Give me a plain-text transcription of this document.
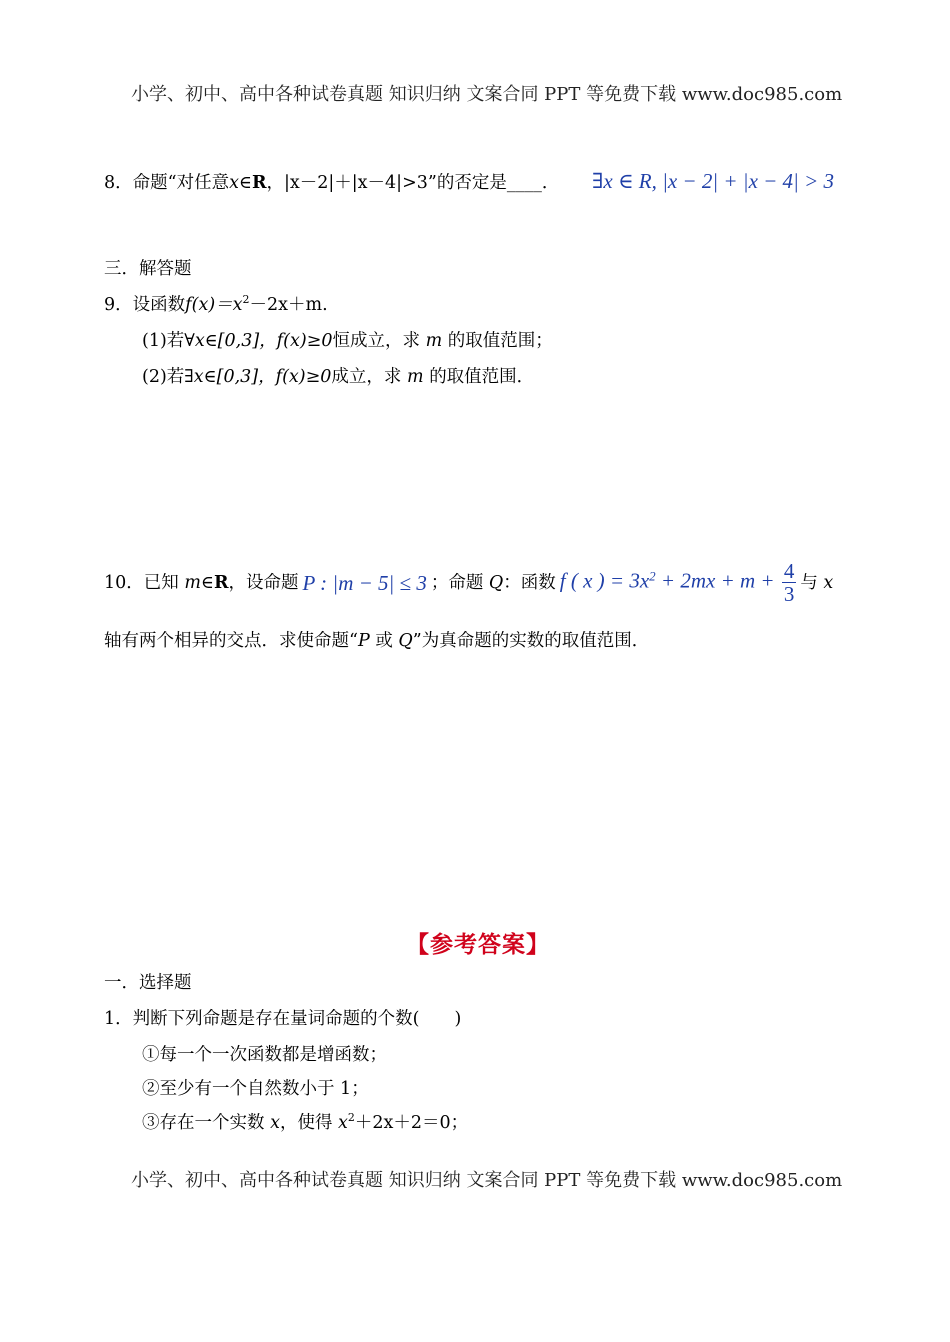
小学、初中、高中各种试卷真题 知识归纳 文案合同 PPT 等免费下载 www.doc985.com
8．命题“对任意x∈R，|x－2|＋|x－4|>3”的否定是____． ∃x ∈ R, |x − 2| + |x − 4| > 3
三．解答题
9．设函数$f(x)=x^2-2x+m$.
(1)若∀x∈[0,3]，f(x)≥0恒成立，求 m 的取值范围；
(2)若∃x∈[0,3]，f(x)≥0成立，求 m 的取值范围．
10． 已知
m ∈ R ，设命题 P : |m − 5| ≤ 3 ；命题
Q ：函数 f ( x ) = $3x^2 + 2mx + m + \frac{4}{3}$ 与
x
轴有两个相异的交点．求使命题“P 或 Q”为真命题的实数的取值范围．
【参考答案】
一．选择题
1．判断下列命题是存在量词命题的个数(　　)
①每一个一次函数都是增函数；
②至少有一个自然数小于 1；
③存在一个实数 x，使得 $x^2+2x+2=0$；
小学、初中、高中各种试卷真题 知识归纳 文案合同 PPT 等免费下载 www.doc985.com
